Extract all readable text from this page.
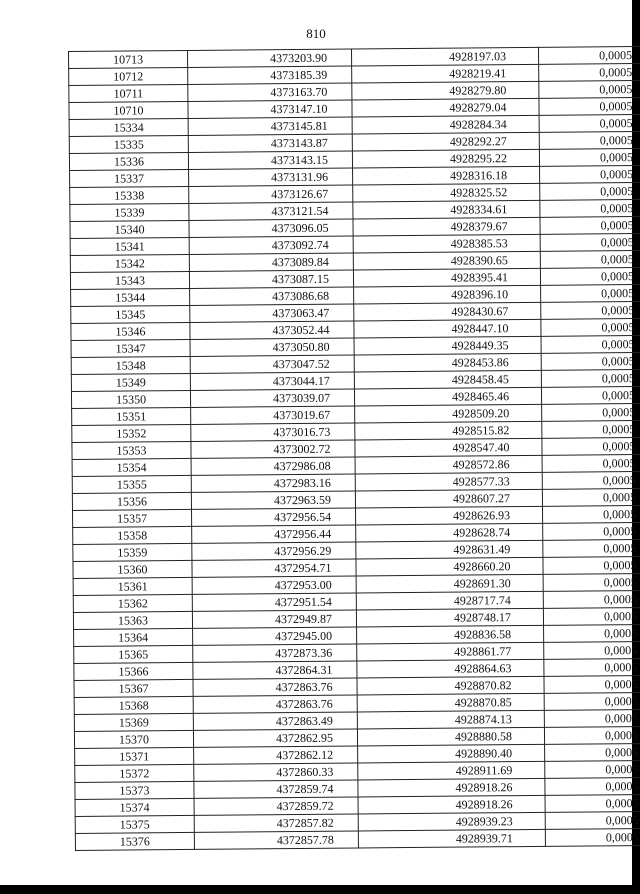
810
10713	4373203.90	4928197.03	0,0005
10712	4373185.39	4928219.41	0,0005
10711	4373163.70	4928279.80	0,0005
10710	4373147.10	4928279.04	0,0005
15334	4373145.81	4928284.34	0,0005
15335	4373143.87	4928292.27	0,0005
15336	4373143.15	4928295.22	0,0005
15337	4373131.96	4928316.18	0,0005
15338	4373126.67	4928325.52	0,0005
15339	4373121.54	4928334.61	0,0005
15340	4373096.05	4928379.67	0,0005
15341	4373092.74	4928385.53	0,0005
15342	4373089.84	4928390.65	0,0005
15343	4373087.15	4928395.41	0,0005
15344	4373086.68	4928396.10	0,0005
15345	4373063.47	4928430.67	0,0005
15346	4373052.44	4928447.10	0,0005
15347	4373050.80	4928449.35	0,0005
15348	4373047.52	4928453.86	0,0005
15349	4373044.17	4928458.45	0,0005
15350	4373039.07	4928465.46	0,0005
15351	4373019.67	4928509.20	0,0005
15352	4373016.73	4928515.82	0,0005
15353	4373002.72	4928547.40	0,0005
15354	4372986.08	4928572.86	0,0005
15355	4372983.16	4928577.33	0,0005
15356	4372963.59	4928607.27	0,0005
15357	4372956.54	4928626.93	0,0005
15358	4372956.44	4928628.74	0,0005
15359	4372956.29	4928631.49	0,0005
15360	4372954.71	4928660.20	0,0005
15361	4372953.00	4928691.30	0,0005
15362	4372951.54	4928717.74	0,0005
15363	4372949.87	4928748.17	0,0005
15364	4372945.00	4928836.58	0,0005
15365	4372873.36	4928861.77	0,0005
15366	4372864.31	4928864.63	0,0005
15367	4372863.76	4928870.82	0,0005
15368	4372863.76	4928870.85	0,0005
15369	4372863.49	4928874.13	0,0005
15370	4372862.95	4928880.58	0,0005
15371	4372862.12	4928890.40	0,0005
15372	4372860.33	4928911.69	0,0005
15373	4372859.74	4928918.26	0,0005
15374	4372859.72	4928918.26	0,0005
15375	4372857.82	4928939.23	0,0005
15376	4372857.78	4928939.71	0,0005
